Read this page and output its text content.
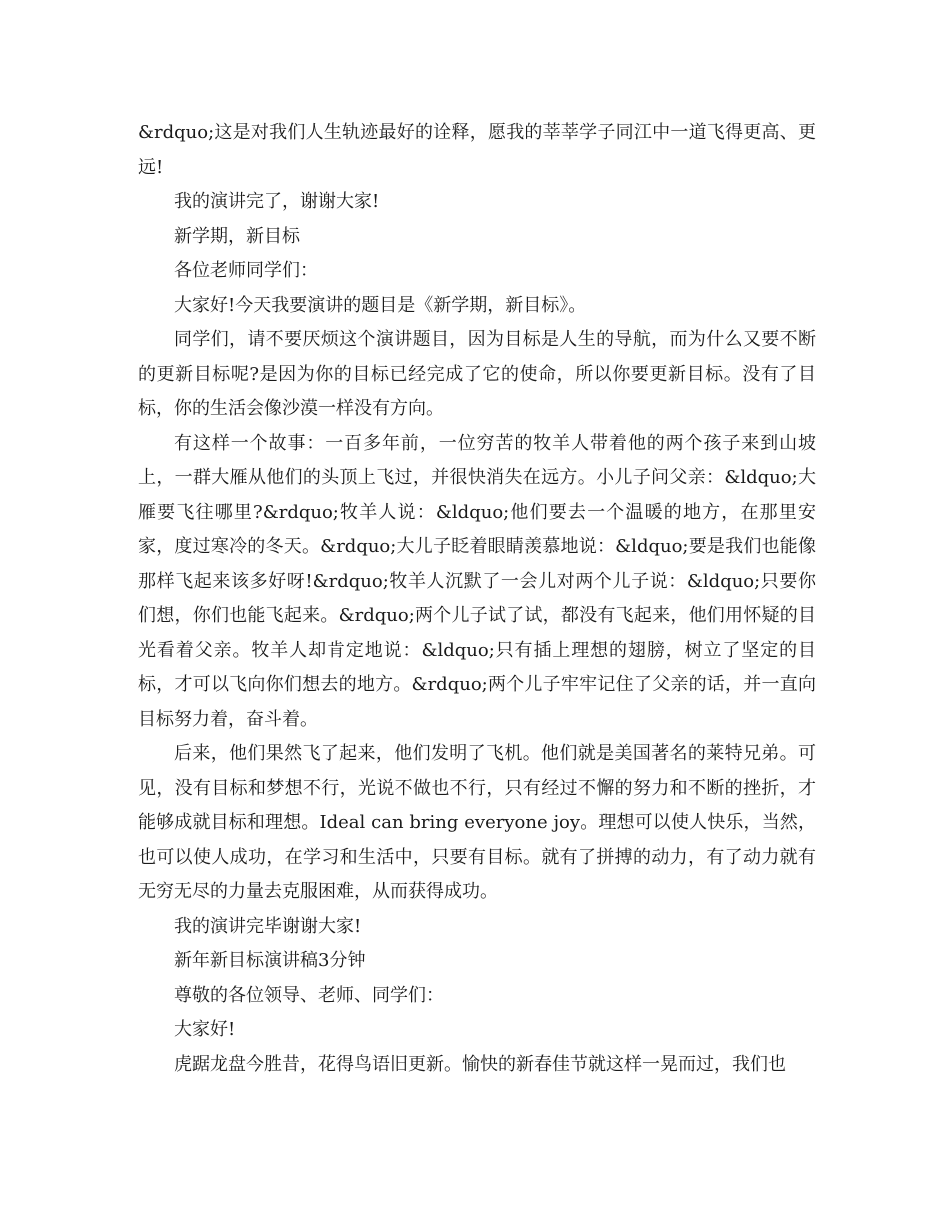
&rdquo;这是对我们人生轨迹最好的诠释，愿我的莘莘学子同江中一道飞得更高、更远!

我的演讲完了，谢谢大家!

新学期，新目标

各位老师同学们：

大家好!今天我要演讲的题目是《新学期，新目标》。

同学们，请不要厌烦这个演讲题目，因为目标是人生的导航，而为什么又要不断的更新目标呢?是因为你的目标已经完成了它的使命，所以你要更新目标。没有了目标，你的生活会像沙漠一样没有方向。

有这样一个故事：一百多年前，一位穷苦的牧羊人带着他的两个孩子来到山坡上，一群大雁从他们的头顶上飞过，并很快消失在远方。小儿子问父亲：&ldquo;大雁要飞往哪里?&rdquo;牧羊人说：&ldquo;他们要去一个温暖的地方，在那里安家，度过寒冷的冬天。&rdquo;大儿子眨着眼睛羡慕地说：&ldquo;要是我们也能像那样飞起来该多好呀!&rdquo;牧羊人沉默了一会儿对两个儿子说：&ldquo;只要你们想，你们也能飞起来。&rdquo;两个儿子试了试，都没有飞起来，他们用怀疑的目光看着父亲。牧羊人却肯定地说：&ldquo;只有插上理想的翅膀，树立了坚定的目标，才可以飞向你们想去的地方。&rdquo;两个儿子牢牢记住了父亲的话，并一直向目标努力着，奋斗着。

后来，他们果然飞了起来，他们发明了飞机。他们就是美国著名的莱特兄弟。可见，没有目标和梦想不行，光说不做也不行，只有经过不懈的努力和不断的挫折，才能够成就目标和理想。Ideal can bring everyone joy。理想可以使人快乐，当然，也可以使人成功，在学习和生活中，只要有目标。就有了拼搏的动力，有了动力就有无穷无尽的力量去克服困难，从而获得成功。

我的演讲完毕谢谢大家!

新年新目标演讲稿3分钟

尊敬的各位领导、老师、同学们：

大家好!

虎踞龙盘今胜昔，花得鸟语旧更新。愉快的新春佳节就这样一晃而过，我们也
